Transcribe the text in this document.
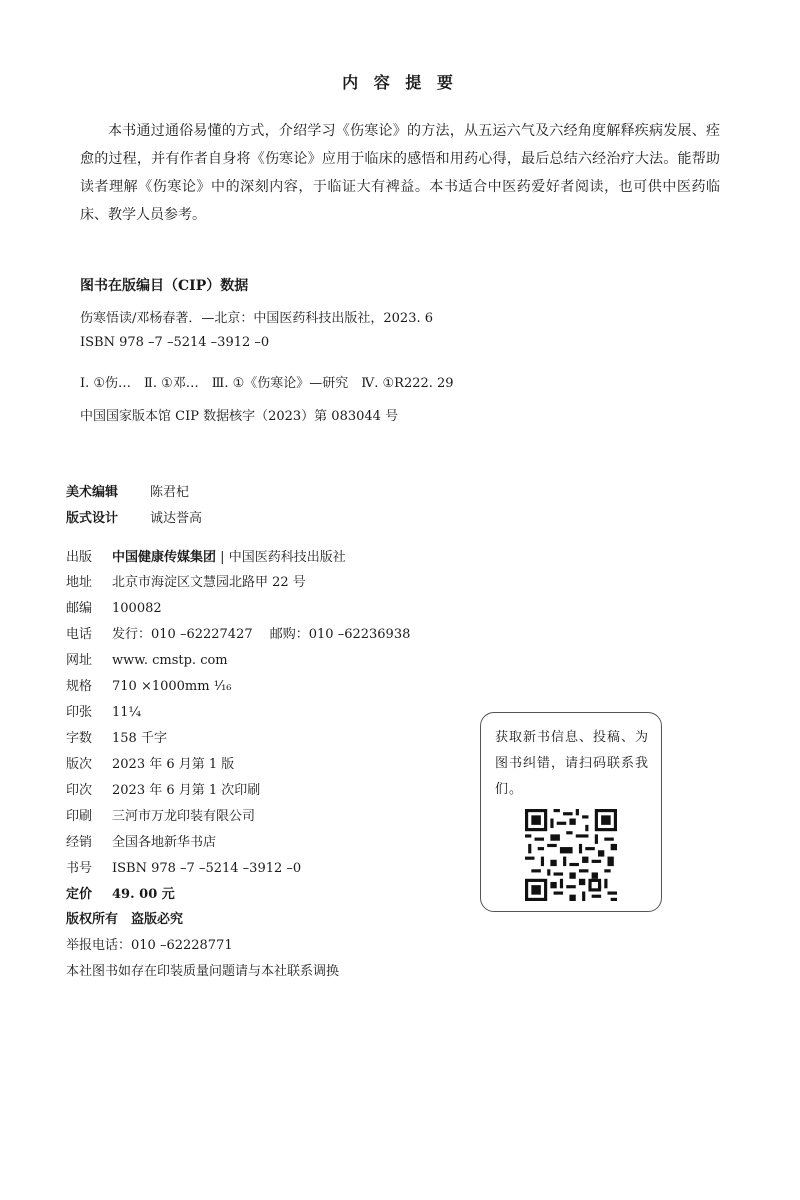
内 容 提 要
本书通过通俗易懂的方式，介绍学习《伤寒论》的方法，从五运六气及六经角度解释疾病发展、痊愈的过程，并有作者自身将《伤寒论》应用于临床的感悟和用药心得，最后总结六经治疗大法。能帮助读者理解《伤寒论》中的深刻内容，于临证大有裨益。本书适合中医药爱好者阅读，也可供中医药临床、教学人员参考。
图书在版编目（CIP）数据
伤寒悟读/邓杨春著．—北京：中国医药科技出版社，2023. 6
ISBN 978 –7 –5214 –3912 –0
Ⅰ. ①伤…　Ⅱ. ①邓…　Ⅲ. ①《伤寒论》—研究　Ⅳ. ①R222. 29
中国国家版本馆 CIP 数据核字（2023）第 083044 号
美术编辑 陈君杞
版式设计 诚达誉高
出版 中国健康传媒集团 | 中国医药科技出版社
地址 北京市海淀区文慧园北路甲 22 号
邮编 100082
电话 发行：010 –62227427　 邮购：010 –62236938
网址 www. cmstp. com
规格 710 ×1000mm ¹⁄₁₆
印张 11¼
字数 158 千字
版次 2023 年 6 月第 1 版
印次 2023 年 6 月第 1 次印刷
印刷 三河市万龙印装有限公司
经销 全国各地新华书店
书号 ISBN 978 –7 –5214 –3912 –0
定价 49. 00 元
版权所有　盗版必究
举报电话：010 –62228771
本社图书如存在印装质量问题请与本社联系调换
获取新书信息、投稿、为图书纠错，请扫码联系我们。
